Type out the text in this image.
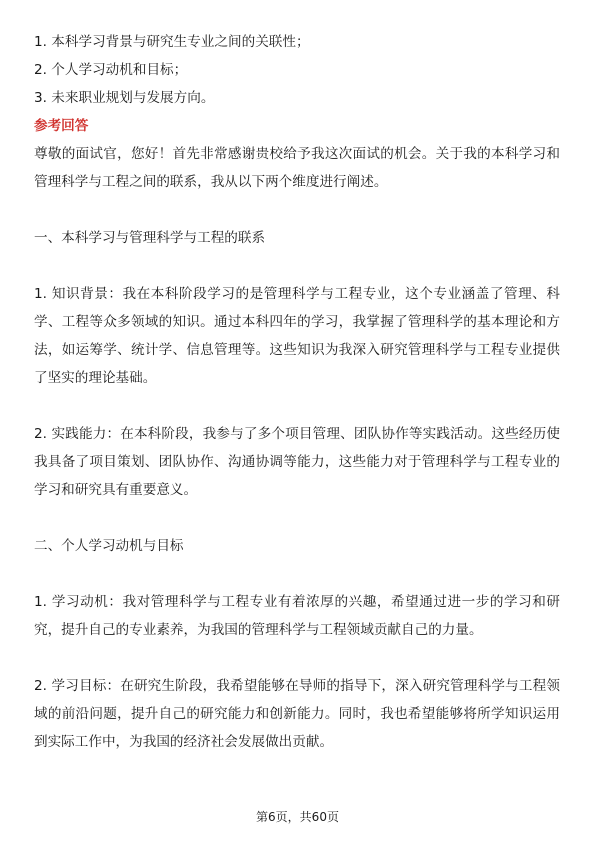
1. 本科学习背景与研究生专业之间的关联性；

2. 个人学习动机和目标；

3. 未来职业规划与发展方向。

参考回答

尊敬的面试官，您好！首先非常感谢贵校给予我这次面试的机会。关于我的本科学习和管理科学与工程之间的联系，我从以下两个维度进行阐述。

一、本科学习与管理科学与工程的联系

1. 知识背景：我在本科阶段学习的是管理科学与工程专业，这个专业涵盖了管理、科学、工程等众多领域的知识。通过本科四年的学习，我掌握了管理科学的基本理论和方法，如运筹学、统计学、信息管理等。这些知识为我深入研究管理科学与工程专业提供了坚实的理论基础。

2. 实践能力：在本科阶段，我参与了多个项目管理、团队协作等实践活动。这些经历使我具备了项目策划、团队协作、沟通协调等能力，这些能力对于管理科学与工程专业的学习和研究具有重要意义。

二、个人学习动机与目标

1. 学习动机：我对管理科学与工程专业有着浓厚的兴趣，希望通过进一步的学习和研究，提升自己的专业素养，为我国的管理科学与工程领域贡献自己的力量。

2. 学习目标：在研究生阶段，我希望能够在导师的指导下，深入研究管理科学与工程领域的前沿问题，提升自己的研究能力和创新能力。同时，我也希望能够将所学知识运用到实际工作中，为我国的经济社会发展做出贡献。

第6页，共60页
